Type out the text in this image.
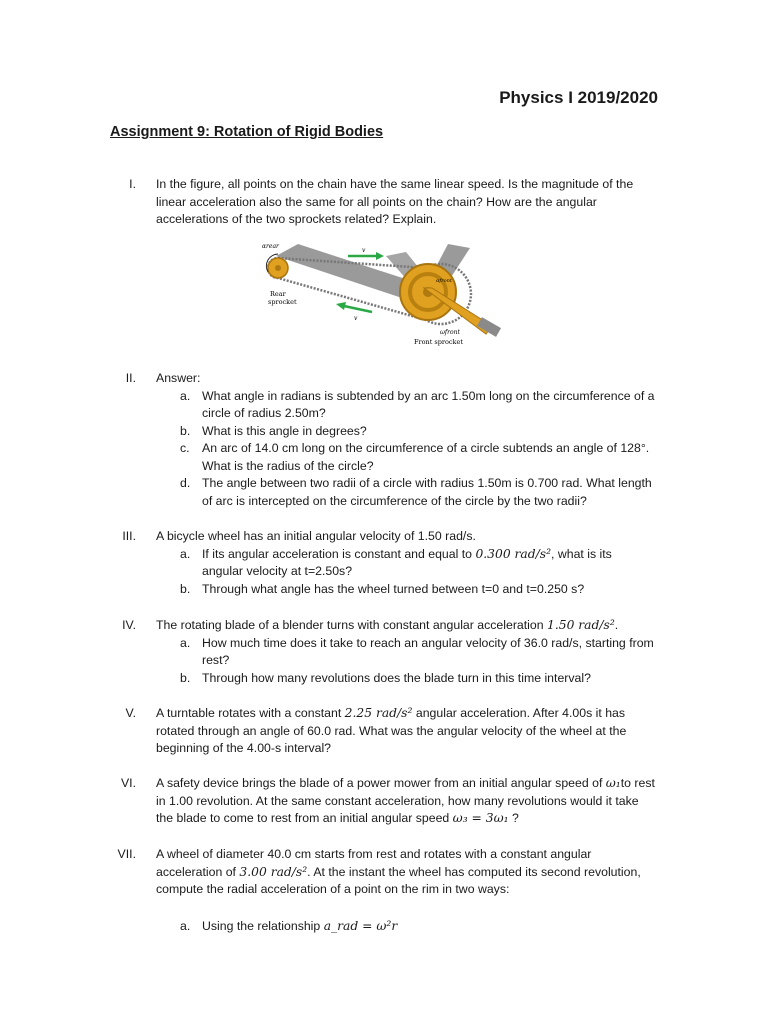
Physics I 2019/2020
Assignment 9: Rotation of Rigid Bodies
I. In the figure, all points on the chain have the same linear speed. Is the magnitude of the linear acceleration also the same for all points on the chain? How are the angular accelerations of the two sprockets related? Explain.
αrear
v
v
Rear
sprocket
αfront
ωfront
Front sprocket
II. Answer:
a. What angle in radians is subtended by an arc 1.50m long on the circumference of a circle of radius 2.50m?
b. What is this angle in degrees?
c. An arc of 14.0 cm long on the circumference of a circle subtends an angle of 128°. What is the radius of the circle?
d. The angle between two radii of a circle with radius 1.50m is 0.700 rad. What length of arc is intercepted on the circumference of the circle by the two radii?
III. A bicycle wheel has an initial angular velocity of 1.50 rad/s.
a. If its angular acceleration is constant and equal to 0.300 rad/s², what is its angular velocity at t=2.50s?
b. Through what angle has the wheel turned between t=0 and t=0.250 s?
IV. The rotating blade of a blender turns with constant angular acceleration 1.50 rad/s².
a. How much time does it take to reach an angular velocity of 36.0 rad/s, starting from rest?
b. Through how many revolutions does the blade turn in this time interval?
V. A turntable rotates with a constant 2.25 rad/s² angular acceleration. After 4.00s it has rotated through an angle of 60.0 rad. What was the angular velocity of the wheel at the beginning of the 4.00-s interval?
VI. A safety device brings the blade of a power mower from an initial angular speed of ω₁to rest in 1.00 revolution. At the same constant acceleration, how many revolutions would it take the blade to come to rest from an initial angular speed ω₃ = 3ω₁ ?
VII. A wheel of diameter 40.0 cm starts from rest and rotates with a constant angular acceleration of 3.00 rad/s². At the instant the wheel has computed its second revolution, compute the radial acceleration of a point on the rim in two ways:
a. Using the relationship a_rad = ω²r
